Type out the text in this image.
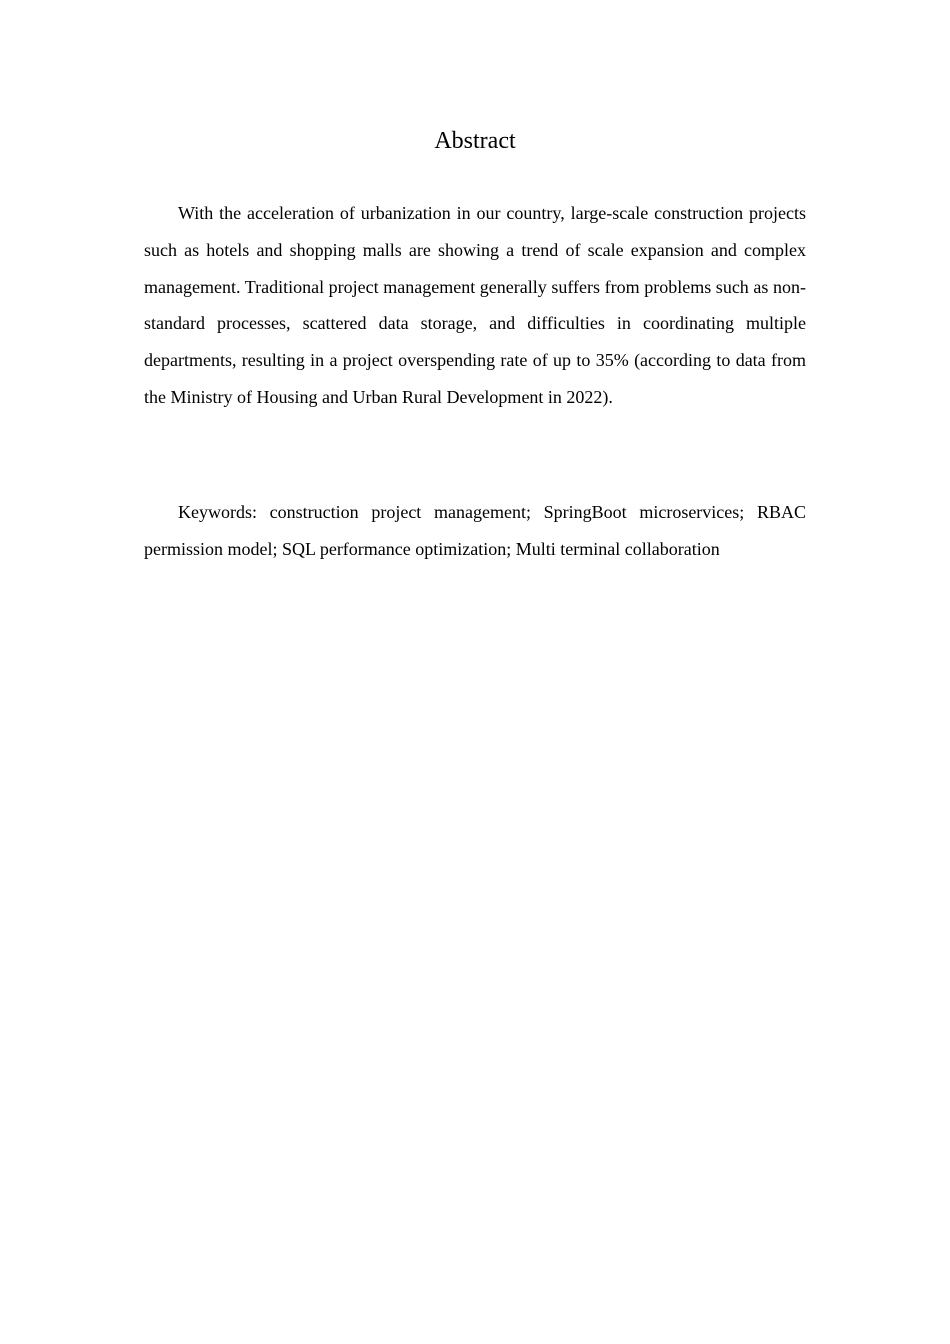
Abstract

With the acceleration of urbanization in our country, large-scale construction projects such as hotels and shopping malls are showing a trend of scale expansion and complex management. Traditional project management generally suffers from problems such as non-standard processes, scattered data storage, and difficulties in coordinating multiple departments, resulting in a project overspending rate of up to 35% (according to data from the Ministry of Housing and Urban Rural Development in 2022).

Keywords: construction project management; SpringBoot microservices; RBAC permission model; SQL performance optimization; Multi terminal collaboration
